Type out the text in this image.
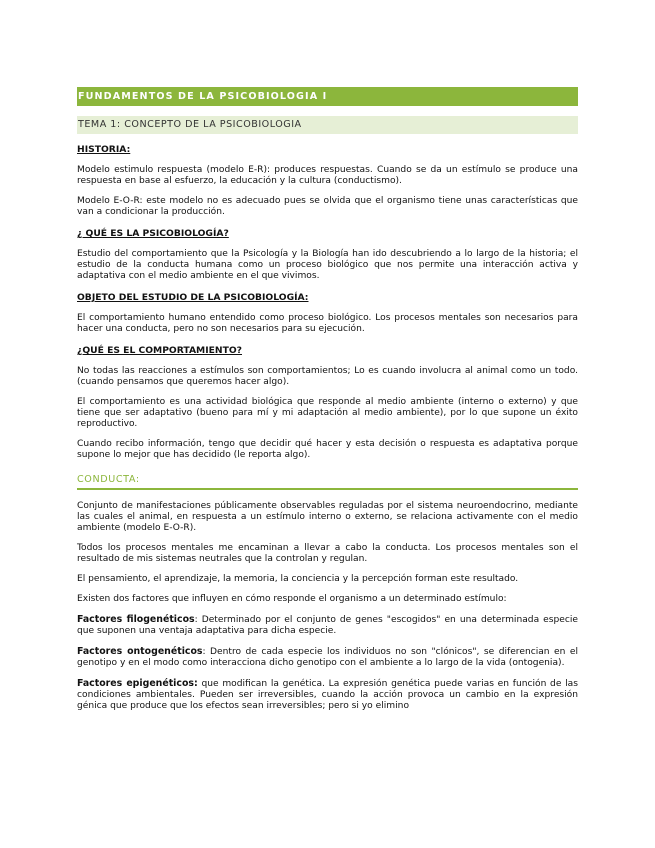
FUNDAMENTOS DE LA PSICOBIOLOGIA I
TEMA 1: CONCEPTO DE LA PSICOBIOLOGIA
HISTORIA:

Modelo estimulo respuesta (modelo E-R): produces respuestas. Cuando se da un estímulo se produce una respuesta en base al esfuerzo, la educación y la cultura (conductismo).

Modelo E-O-R: este modelo no es adecuado pues se olvida que el organismo tiene unas características que van a condicionar la producción.

¿ QUÉ ES LA PSICOBIOLOGÍA?

Estudio del comportamiento que la Psicología y la Biología han ido descubriendo a lo largo de la historia; el estudio de la conducta humana como un proceso biológico que nos permite una interacción activa y adaptativa con el medio ambiente en el que vivimos.

OBJETO DEL ESTUDIO DE LA PSICOBIOLOGÍA:

El comportamiento humano entendido como proceso biológico. Los procesos mentales son necesarios para hacer una conducta, pero no son necesarios para su ejecución.

¿QUÉ ES EL COMPORTAMIENTO?

No todas las reacciones a estímulos son comportamientos; Lo es cuando involucra al animal como un todo. (cuando pensamos que queremos hacer algo).

El comportamiento es una actividad biológica que responde al medio ambiente (interno o externo) y que tiene que ser adaptativo (bueno para mí y mi adaptación al medio ambiente), por lo que supone un éxito reproductivo.

Cuando recibo información, tengo que decidir qué hacer y esta decisión o respuesta es adaptativa porque supone lo mejor que has decidido (le reporta algo).

CONDUCTA:

Conjunto de manifestaciones públicamente observables reguladas por el sistema neuroendocrino, mediante las cuales el animal, en respuesta a un estímulo interno o externo, se relaciona activamente con el medio ambiente (modelo E-O-R).

Todos los procesos mentales me encaminan a llevar a cabo la conducta. Los procesos mentales son el resultado de mis sistemas neutrales que la controlan y regulan.

El pensamiento, el aprendizaje, la memoria, la conciencia y la percepción forman este resultado.

Existen dos factores que influyen en cómo responde el organismo a un determinado estímulo:

Factores filogenéticos: Determinado por el conjunto de genes "escogidos" en una determinada especie que suponen una ventaja adaptativa para dicha especie.

Factores ontogenéticos: Dentro de cada especie los individuos no son "clónicos", se diferencian en el genotipo y en el modo como interacciona dicho genotipo con el ambiente a lo largo de la vida (ontogenia).

Factores epigenéticos: que modifican la genética. La expresión genética puede varias en función de las condiciones ambientales. Pueden ser irreversibles, cuando la acción provoca un cambio en la expresión génica que produce que los efectos sean irreversibles; pero si yo elimino
